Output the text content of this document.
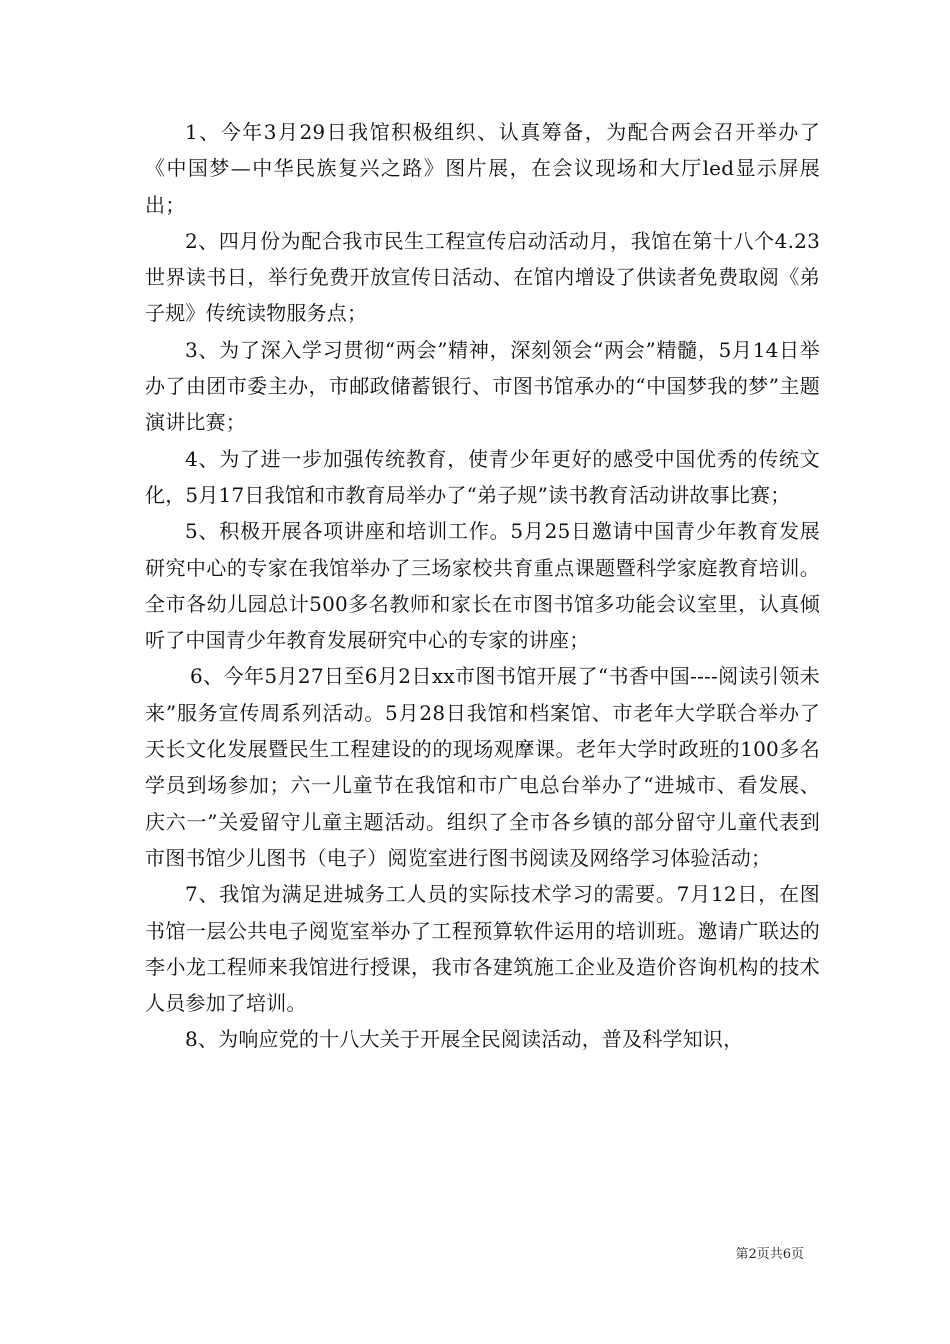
1、今年3月29日我馆积极组织、认真筹备，为配合两会召开举办了《中国梦—中华民族复兴之路》图片展，在会议现场和大厅led显示屏展出；

2、四月份为配合我市民生工程宣传启动活动月，我馆在第十八个4.23世界读书日，举行免费开放宣传日活动、在馆内增设了供读者免费取阅《弟子规》传统读物服务点；

3、为了深入学习贯彻“两会”精神，深刻领会“两会”精髓，5月14日举办了由团市委主办，市邮政储蓄银行、市图书馆承办的“中国梦我的梦”主题演讲比赛；

4、为了进一步加强传统教育，使青少年更好的感受中国优秀的传统文化，5月17日我馆和市教育局举办了“弟子规”读书教育活动讲故事比赛；

5、积极开展各项讲座和培训工作。5月25日邀请中国青少年教育发展研究中心的专家在我馆举办了三场家校共育重点课题暨科学家庭教育培训。全市各幼儿园总计500多名教师和家长在市图书馆多功能会议室里，认真倾听了中国青少年教育发展研究中心的专家的讲座；

6、今年5月27日至6月2日xx市图书馆开展了“书香中国----阅读引领未来”服务宣传周系列活动。5月28日我馆和档案馆、市老年大学联合举办了天长文化发展暨民生工程建设的的现场观摩课。老年大学时政班的100多名学员到场参加；六一儿童节在我馆和市广电总台举办了“进城市、看发展、庆六一”关爱留守儿童主题活动。组织了全市各乡镇的部分留守儿童代表到市图书馆少儿图书（电子）阅览室进行图书阅读及网络学习体验活动；

7、我馆为满足进城务工人员的实际技术学习的需要。7月12日，在图书馆一层公共电子阅览室举办了工程预算软件运用的培训班。邀请广联达的李小龙工程师来我馆进行授课，我市各建筑施工企业及造价咨询机构的技术人员参加了培训。

8、为响应党的十八大关于开展全民阅读活动，普及科学知识，

第2页共6页
